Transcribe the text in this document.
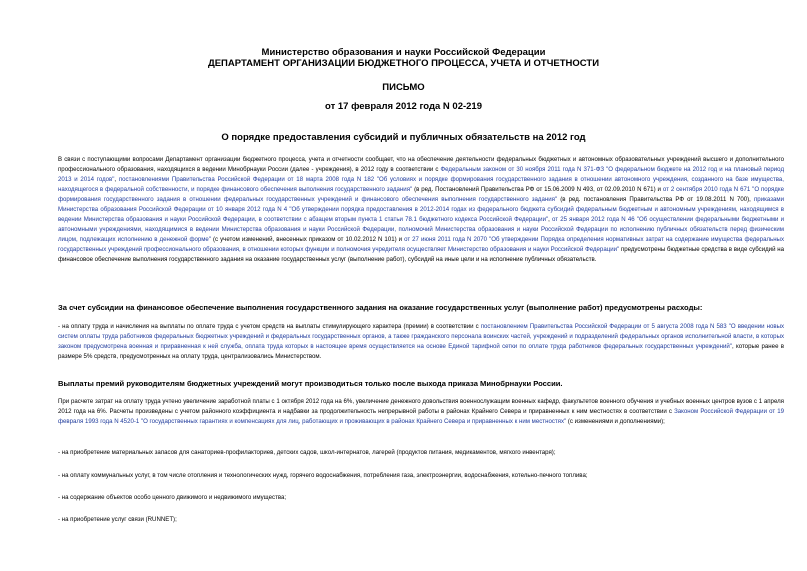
Министерство образования и науки Российской Федерации
ДЕПАРТАМЕНТ ОРГАНИЗАЦИИ БЮДЖЕТНОГО ПРОЦЕССА, УЧЕТА И ОТЧЕТНОСТИ
ПИСЬМО
от 17 февраля 2012 года N 02-219
О порядке предоставления субсидий и публичных обязательств на 2012 год
В связи с поступающими вопросами Департамент организации бюджетного процесса, учета и отчетности сообщает, что на обеспечение деятельности федеральных бюджетных и автономных образовательных учреждений высшего и дополнительного профессионального образования, находящихся в ведении Минобрнауки России (далее - учреждения), в 2012 году в соответствии с Федеральным законом от 30 ноября 2011 года N 371-ФЗ "О федеральном бюджете на 2012 год и на плановый период 2013 и 2014 годов", постановлениями Правительства Российской Федерации от 18 марта 2008 года N 182 "Об условиях и порядке формирования государственного задания в отношении автономного учреждения, созданного на базе имущества, находящегося в федеральной собственности, и порядке финансового обеспечения выполнения государственного задания" (в ред. Постановлений Правительства РФ от 15.06.2009 N 493, от 02.09.2010 N 671) и от 2 сентября 2010 года N 671 "О порядке формирования государственного задания в отношении федеральных государственных учреждений и финансового обеспечения выполнения государственного задания" (в ред. постановления Правительства РФ от 19.08.2011 N 700), приказами Министерства образования Российской Федерации от 10 января 2012 года N 4 "Об утверждении порядка предоставления в 2012-2014 годах из федерального бюджета субсидий федеральным бюджетным и автономным учреждениям, находящимся в ведении Министерства образования и науки Российской Федерации, в соответствии с абзацем вторым пункта 1 статьи 78.1 бюджетного кодекса Российской Федерации", от 25 января 2012 года N 46 "Об осуществлении федеральными бюджетными и автономными учреждениями, находящимися в ведении Министерства образования и науки Российской Федерации, полномочий Министерства образования и науки Российской Федерации по исполнению публичных обязательств перед физическим лицом, подлежащих исполнению в денежной форме" (с учетом изменений, внесенных приказом от 10.02.2012 N 101) и от 27 июня 2011 года N 2070 "Об утверждении Порядка определения нормативных затрат на содержание имущества федеральных государственных учреждений профессионального образования, в отношении которых функции и полномочия учредителя осуществляет Министерство образования и науки Российской Федерации" предусмотрены бюджетные средства в виде субсидий на финансовое обеспечение выполнения государственного задания на оказание государственных услуг (выполнение работ), субсидий на иные цели и на исполнение публичных обязательств.
За счет субсидии на финансовое обеспечение выполнения государственного задания на оказание государственных услуг (выполнение работ) предусмотрены расходы:
- на оплату труда и начисления на выплаты по оплате труда с учетом средств на выплаты стимулирующего характера (премии) в соответствии с постановлением Правительства Российской Федерации от 5 августа 2008 года N 583 "О введении новых систем оплаты труда работников федеральных бюджетных учреждений и федеральных государственных органов, а также гражданского персонала воинских частей, учреждений и подразделений федеральных органов исполнительной власти, в которых законом предусмотрена военная и приравненная к ней служба, оплата труда которых в настоящее время осуществляется на основе Единой тарифной сетки по оплате труда работников федеральных государственных учреждений", которые ранее в размере 5% средств, предусмотренных на оплату труда, централизовались Министерством.
Выплаты премий руководителям бюджетных учреждений могут производиться только после выхода приказа Минобрнауки России.
При расчете затрат на оплату труда учтено увеличение заработной платы с 1 октября 2012 года на 6%, увеличение денежного довольствия военнослужащим военных кафедр, факультетов военного обучения и учебных военных центров вузов с 1 апреля 2012 года на 6%. Расчеты произведены с учетом районного коэффициента и надбавки за продолжительность непрерывной работы в районах Крайнего Севера и приравненных к ним местностях в соответствии с Законом Российской Федерации от 19 февраля 1993 года N 4520-1 "О государственных гарантиях и компенсациях для лиц, работающих и проживающих в районах Крайнего Севера и приравненных к ним местностях" (с изменениями и дополнениями);
- на приобретение материальных запасов для санаториев-профилакториев, детских садов, школ-интернатов, лагерей (продуктов питания, медикаментов, мягкого инвентаря);
- на оплату коммунальных услуг, в том числе отопления и технологических нужд, горячего водоснабжения, потребления газа, электроэнергии, водоснабжения, котельно-печного топлива;
- на содержание объектов особо ценного движимого и недвижимого имущества;
- на приобретение услуг связи (RUNNET);
